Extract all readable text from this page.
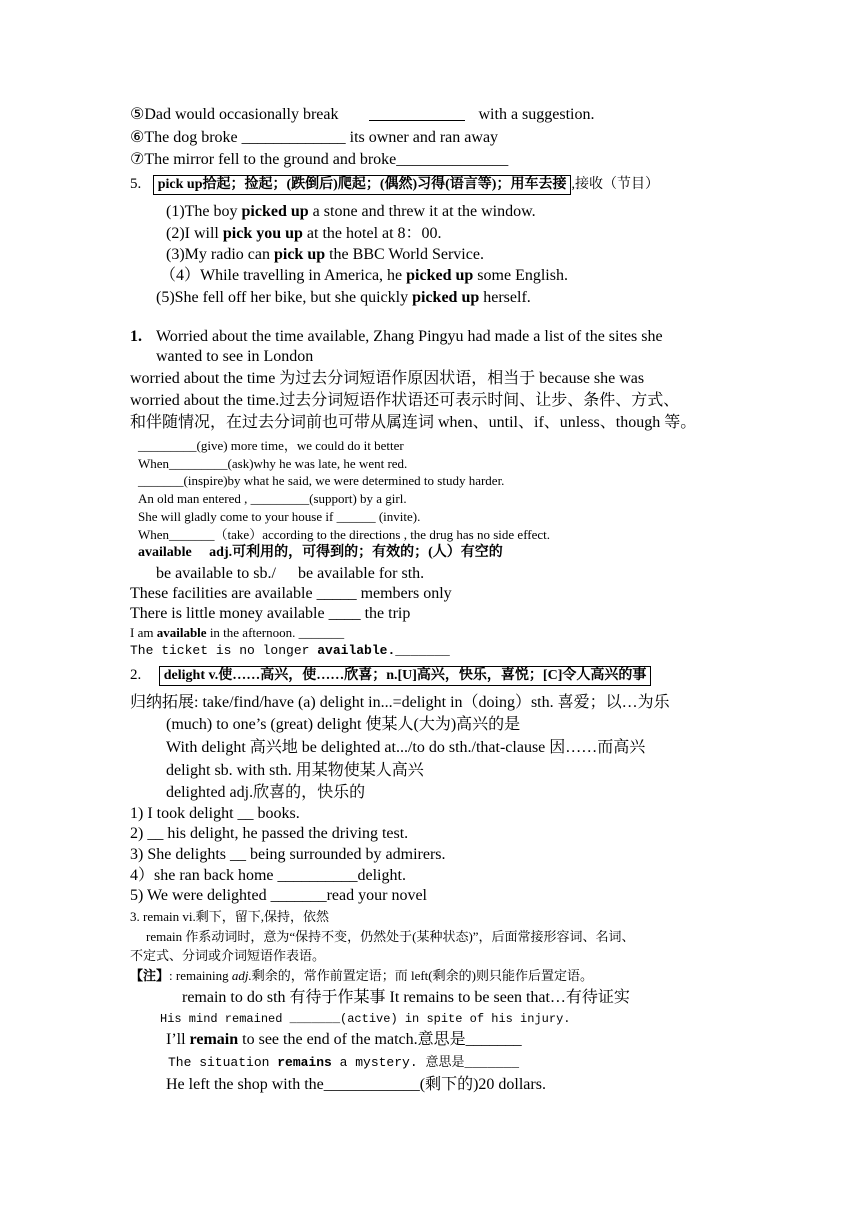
⑤Dad would occasionally break	with a suggestion.
⑥The dog broke _____________ its owner and ran away
⑦The mirror fell to the ground and broke______________
5. pick up拾起；捡起；(跌倒后)爬起；(偶然)习得(语言等)；用车去接 ,接收（节目）
(1)The boy picked up a stone and threw it at the window.
(2)I will pick you up at the hotel at 8：00.
(3)My radio can pick up the BBC World Service.
（4）While travelling in America, he picked up some English.
(5)She fell off her bike, but she quickly picked up herself.
1. Worried about the time available, Zhang Pingyu had made a list of the sites she
wanted to see in London
worried about the time 为过去分词短语作原因状语，相当于 because she was
worried about the time.过去分词短语作状语还可表示时间、让步、条件、方式、
和伴随情况，在过去分词前也可带从属连词 when、until、if、unless、though 等。
_________(give) more time，we could do it better
When_________(ask)why he was late, he went red.
_______(inspire)by what he said, we were determined to study harder.
An old man entered , _________(support) by a girl.
She will gladly come to your house if ______ (invite).
When_______（take）according to the directions , the drug has no side effect.
available adj.可利用的，可得到的；有效的；(人）有空的
be available to sb./ be available for sth.
These facilities are available _____ members only
There is little money available ____ the trip
I am available in the afternoon. _______
The ticket is no longer available._______
2. delight v.使……高兴，使……欣喜；n.[U]高兴，快乐，喜悦；[C]令人高兴的事
归纳拓展: take/find/have (a) delight in...=delight in（doing）sth. 喜爱；以…为乐
(much) to one’s (great) delight 使某人(大为)高兴的是
With delight 高兴地 be delighted at.../to do sth./that-clause 因……而高兴
delight sb. with sth. 用某物使某人高兴
delighted adj.欣喜的，快乐的
1) I took delight __ books.
2) __ his delight, he passed the driving test.
3) She delights __ being surrounded by admirers.
4）she ran back home __________delight.
5) We were delighted _______read your novel
3. remain vi.剩下，留下,保持，依然
remain 作系动词时，意为“保持不变，仍然处于(某种状态)”，后面常接形容词、名词、
不定式、分词或介词短语作表语。
【注】: remaining adj.剩余的，常作前置定语；而 left(剩余的)则只能作后置定语。
remain to do sth 有待于作某事 It remains to be seen that…有待证实
His mind remained _______(active) in spite of his injury.
I’ll remain to see the end of the match.意思是_______
The situation remains a mystery. 意思是_______
He left the shop with the____________(剩下的)20 dollars.
